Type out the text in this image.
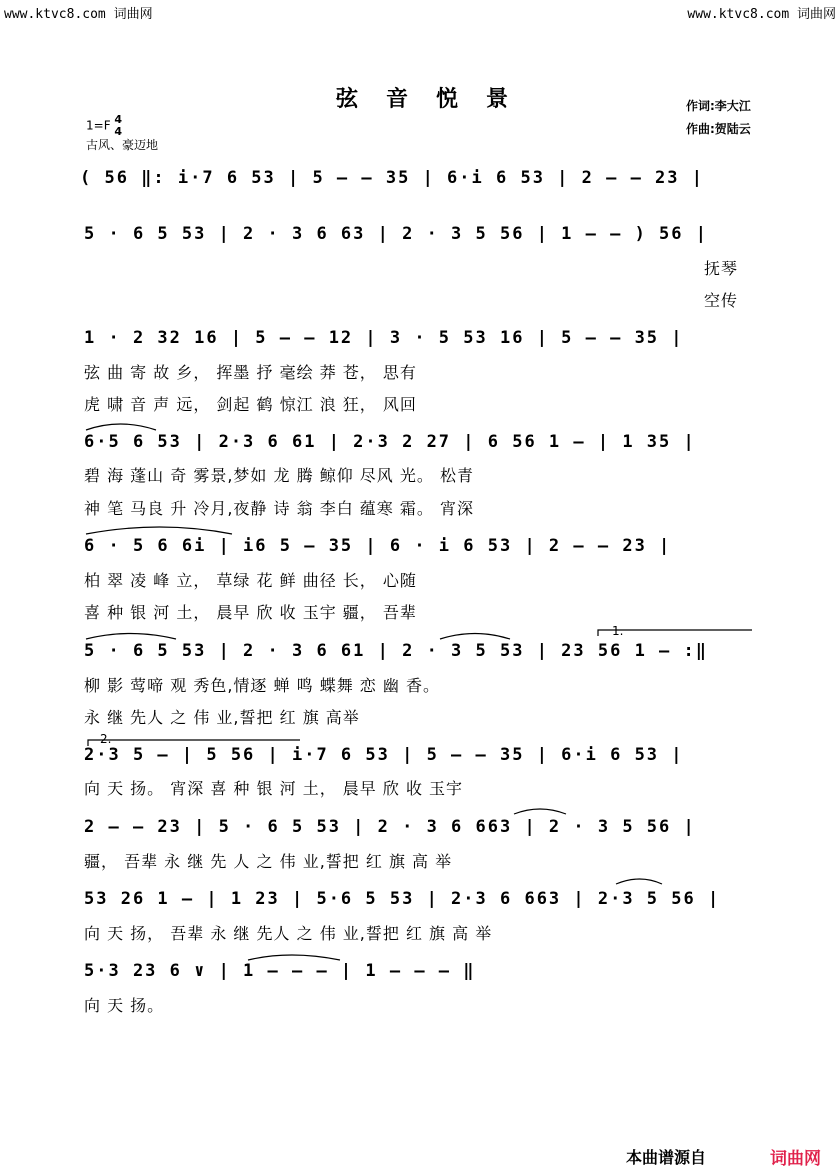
www.ktvc8.com 词曲网	www.ktvc8.com 词曲网
弦音悦景	作词:李大江
作曲:贺陆云
1=F 4
4
古风、豪迈地
( 56 ‖: i·7 6 53 | 5 — — 35 | 6·i 6 53 | 2 — — 23 |
5 · 6 5 53 | 2 · 3 6 63 | 2 · 3 5 56 | 1 — — ) 56 |
抚琴
空传
1 · 2 32 16 | 5 — — 12 | 3 · 5 53 16 | 5 — — 35 |
弦 曲 寄 故 乡， 挥墨 抒 毫绘 莽 苍， 思有
虎 啸 音 声 远， 剑起 鹤 惊江 浪 狂， 风回
6·5 6 53 | 2·3 6 61 | 2·3 2 27 | 6 56 1 — | 1 35 |
碧 海 蓬山 奇 雾景,梦如 龙 腾 鲸仰 尽风 光。 松青
神 笔 马良 升 冷月,夜静 诗 翁 李白 蕴寒 霜。 宵深
6 · 5 6 6i | i6 5 — 35 | 6 · i 6 53 | 2 — — 23 |
柏 翠 凌 峰 立， 草绿 花 鲜 曲径 长， 心随
喜 种 银 河 土， 晨早 欣 收 玉宇 疆， 吾辈
1.
5 · 6 5 53 | 2 · 3 6 61 | 2 · 3 5 53 | 23 56 1 — :‖
柳 影 莺啼 观 秀色,情逐 蝉 鸣 蝶舞 恋 幽 香。
永 继 先人 之 伟 业,誓把 红 旗 高举
2.
2·3 5 — | 5 56 | i·7 6 53 | 5 — — 35 | 6·i 6 53 |
向 天 扬。 宵深 喜 种 银 河 土， 晨早 欣 收 玉宇
2 — — 23 | 5 · 6 5 53 | 2 · 3 6 663 | 2 · 3 5 56 |
疆， 吾辈 永 继 先 人 之 伟 业,誓把 红 旗 高 举
53 26 1 — | 1 23 | 5·6 5 53 | 2·3 6 663 | 2·3 5 56 |
向 天 扬， 吾辈 永 继 先人 之 伟 业,誓把 红 旗 高 举
5·3 23 6 ∨ | 1 — — — | 1 — — — ‖
向 天 扬。
本曲谱源自	词曲网
